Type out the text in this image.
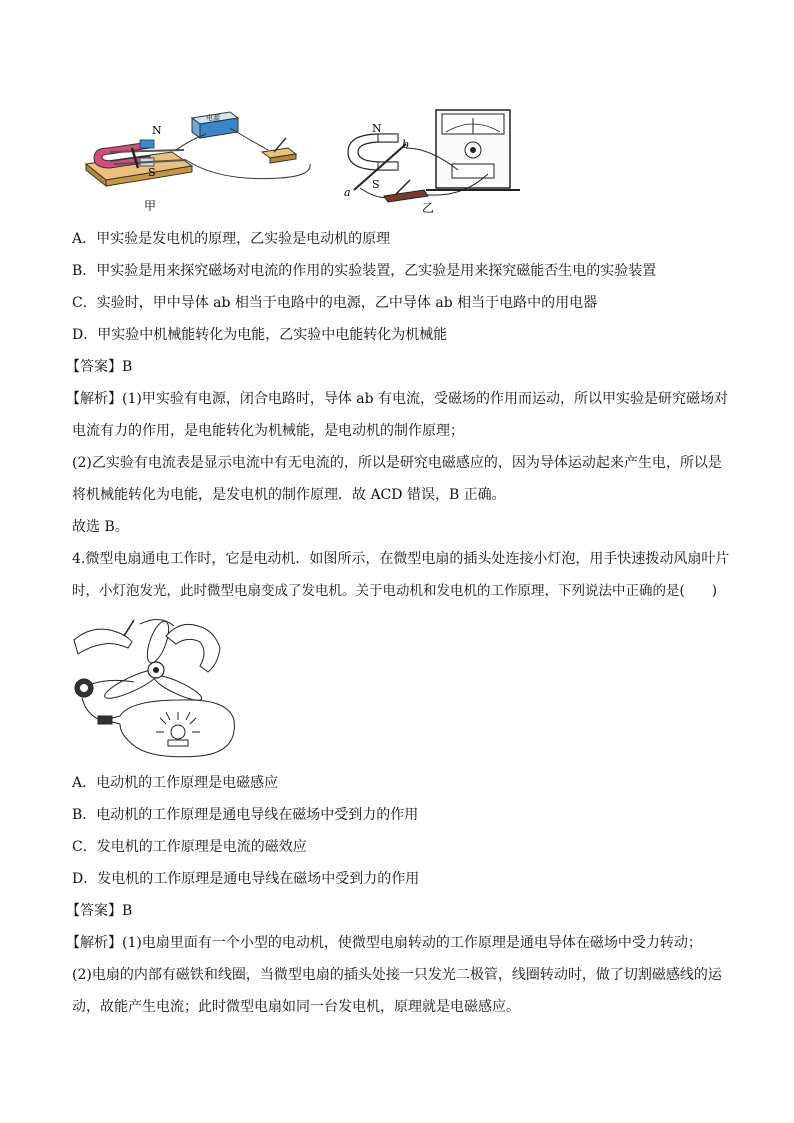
N
S
电源
甲
N
S
a
b
乙
A．甲实验是发电机的原理，乙实验是电动机的原理
B．甲实验是用来探究磁场对电流的作用的实验装置，乙实验是用来探究磁能否生电的实验装置
C．实验时，甲中导体 ab 相当于电路中的电源，乙中导体 ab 相当于电路中的用电器
D．甲实验中机械能转化为电能，乙实验中电能转化为机械能
【答案】B
【解析】(1)甲实验有电源，闭合电路时，导体 ab 有电流，受磁场的作用而运动，所以甲实验是研究磁场对
电流有力的作用，是电能转化为机械能，是电动机的制作原理；
(2)乙实验有电流表是显示电流中有无电流的，所以是研究电磁感应的，因为导体运动起来产生电，所以是
将机械能转化为电能，是发电机的制作原理．故 ACD 错误，B 正确。
故选 B。
4.微型电扇通电工作时，它是电动机．如图所示，在微型电扇的插头处连接小灯泡，用手快速拨动风扇叶片
时，小灯泡发光，此时微型电扇变成了发电机。关于电动机和发电机的工作原理，下列说法中正确的是(　　)
A．电动机的工作原理是电磁感应
B．电动机的工作原理是通电导线在磁场中受到力的作用
C．发电机的工作原理是电流的磁效应
D．发电机的工作原理是通电导线在磁场中受到力的作用
【答案】B
【解析】(1)电扇里面有一个小型的电动机，使微型电扇转动的工作原理是通电导体在磁场中受力转动；
(2)电扇的内部有磁铁和线圈，当微型电扇的插头处接一只发光二极管，线圈转动时，做了切割磁感线的运
动，故能产生电流；此时微型电扇如同一台发电机，原理就是电磁感应。
